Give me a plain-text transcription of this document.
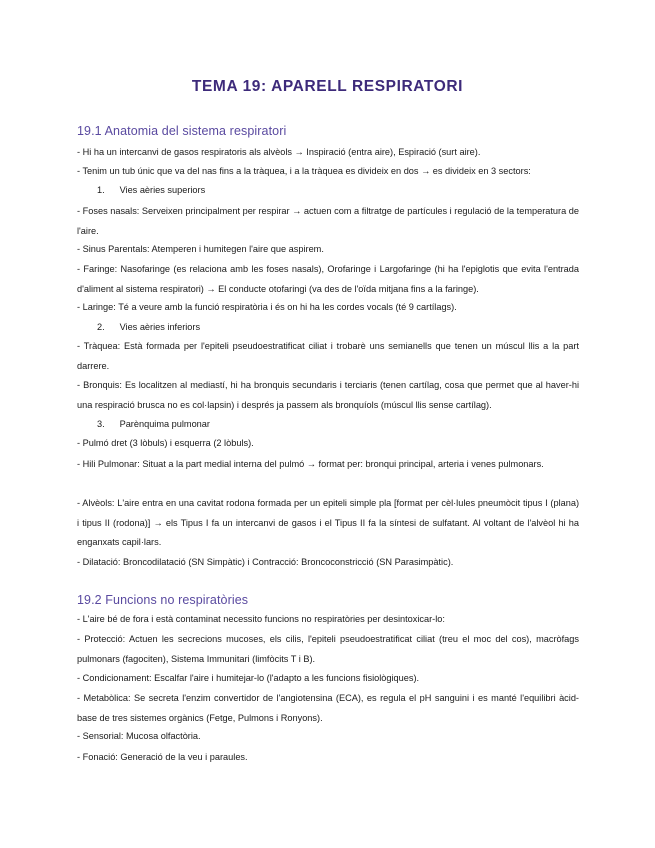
TEMA 19: APARELL RESPIRATORI
19.1 Anatomia del sistema respiratori
- Hi ha un intercanvi de gasos respiratoris als alvèols → Inspiració (entra aire), Espiració (surt aire).
- Tenim un tub únic que va del nas fins a la tràquea, i a la tràquea es divideix en dos → es divideix en 3 sectors:
1. Vies aèries superiors
- Foses nasals: Serveixen principalment per respirar → actuen com a filtratge de partícules i regulació de la temperatura de l'aire.
- Sinus Parentals: Atemperen i humitegen l'aire que aspirem.
- Faringe: Nasofaringe (es relaciona amb les foses nasals), Orofaringe i Largofaringe (hi ha l'epiglotis que evita l'entrada d'aliment al sistema respiratori) → El conducte otofaringi (va des de l'oïda mitjana fins a la faringe).
- Laringe: Té a veure amb la funció respiratòria i és on hi ha les cordes vocals (té 9 cartílags).
2. Vies aèries inferiors
- Tràquea: Està formada per l'epiteli pseudoestratificat ciliat i trobarè uns semianells que tenen un múscul llis a la part darrere.
- Bronquis: Es localitzen al mediastí, hi ha bronquis secundaris i terciaris (tenen cartílag, cosa que permet que al haver-hi una respiració brusca no es col·lapsin) i després ja passem als bronquíols (múscul llis sense cartílag).
3. Parènquima pulmonar
- Pulmó dret (3 lòbuls) i esquerra (2 lòbuls).
- Hili Pulmonar: Situat a la part medial interna del pulmó → format per: bronqui principal, arteria i venes pulmonars.
- Alvèols: L'aire entra en una cavitat rodona formada per un epiteli simple pla [format per cèl·lules pneumòcit tipus I (plana) i tipus II (rodona)] → els Tipus I fa un intercanvi de gasos i el Tipus II fa la síntesi de sulfatant. Al voltant de l'alvèol hi ha enganxats capil·lars.
- Dilatació: Broncodilatació (SN Simpàtic) i Contracció: Broncoconstricció (SN Parasimpàtic).
19.2 Funcions no respiratòries
- L'aire bé de fora i està contaminat necessito funcions no respiratòries per desintoxicar-lo:
- Protecció: Actuen les secrecions mucoses, els cilis, l'epiteli pseudoestratificat ciliat (treu el moc del cos), macròfags pulmonars (fagociten), Sistema Immunitari (limfòcits T i B).
- Condicionament: Escalfar l'aire i humitejar-lo (l'adapto a les funcions fisiològiques).
- Metabòlica: Se secreta l'enzim convertidor de l'angiotensina (ECA), es regula el pH sanguini i es manté l'equilibri àcid-base de tres sistemes orgànics (Fetge, Pulmons i Ronyons).
- Sensorial: Mucosa olfactòria.
- Fonació: Generació de la veu i paraules.
